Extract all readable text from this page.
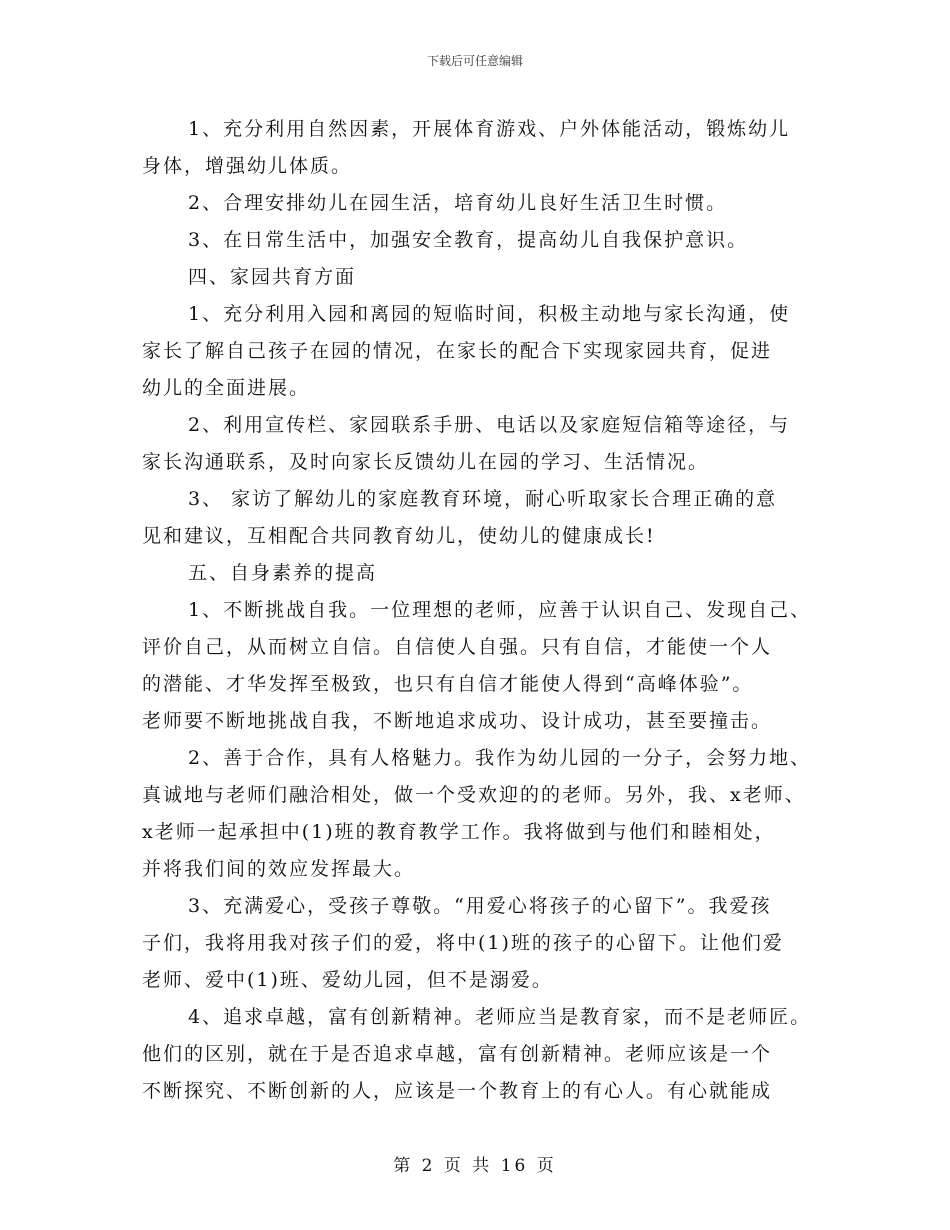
下载后可任意编辑
1、充分利用自然因素，开展体育游戏、户外体能活动，锻炼幼儿
身体，增强幼儿体质。
2、合理安排幼儿在园生活，培育幼儿良好生活卫生时惯。
3、在日常生活中，加强安全教育，提高幼儿自我保护意识。
四、家园共育方面
1、充分利用入园和离园的短临时间，积极主动地与家长沟通，使
家长了解自己孩子在园的情况，在家长的配合下实现家园共育，促进
幼儿的全面进展。
2、利用宣传栏、家园联系手册、电话以及家庭短信箱等途径，与
家长沟通联系，及时向家长反馈幼儿在园的学习、生活情况。
3、 家访了解幼儿的家庭教育环境，耐心听取家长合理正确的意
见和建议，互相配合共同教育幼儿，使幼儿的健康成长!
五、自身素养的提高
1、不断挑战自我。一位理想的老师，应善于认识自己、发现自己、
评价自己，从而树立自信。自信使人自强。只有自信，才能使一个人
的潜能、才华发挥至极致，也只有自信才能使人得到“高峰体验”。
老师要不断地挑战自我，不断地追求成功、设计成功，甚至要撞击。
2、善于合作，具有人格魅力。我作为幼儿园的一分子，会努力地、
真诚地与老师们融洽相处，做一个受欢迎的的老师。另外，我、x老师、
x老师一起承担中(1)班的教育教学工作。我将做到与他们和睦相处，
并将我们间的效应发挥最大。
3、充满爱心，受孩子尊敬。“用爱心将孩子的心留下”。我爱孩
子们，我将用我对孩子们的爱，将中(1)班的孩子的心留下。让他们爱
老师、爱中(1)班、爱幼儿园，但不是溺爱。
4、追求卓越，富有创新精神。老师应当是教育家，而不是老师匠。
他们的区别，就在于是否追求卓越，富有创新精神。老师应该是一个
不断探究、不断创新的人，应该是一个教育上的有心人。有心就能成
第 2 页 共 16 页
